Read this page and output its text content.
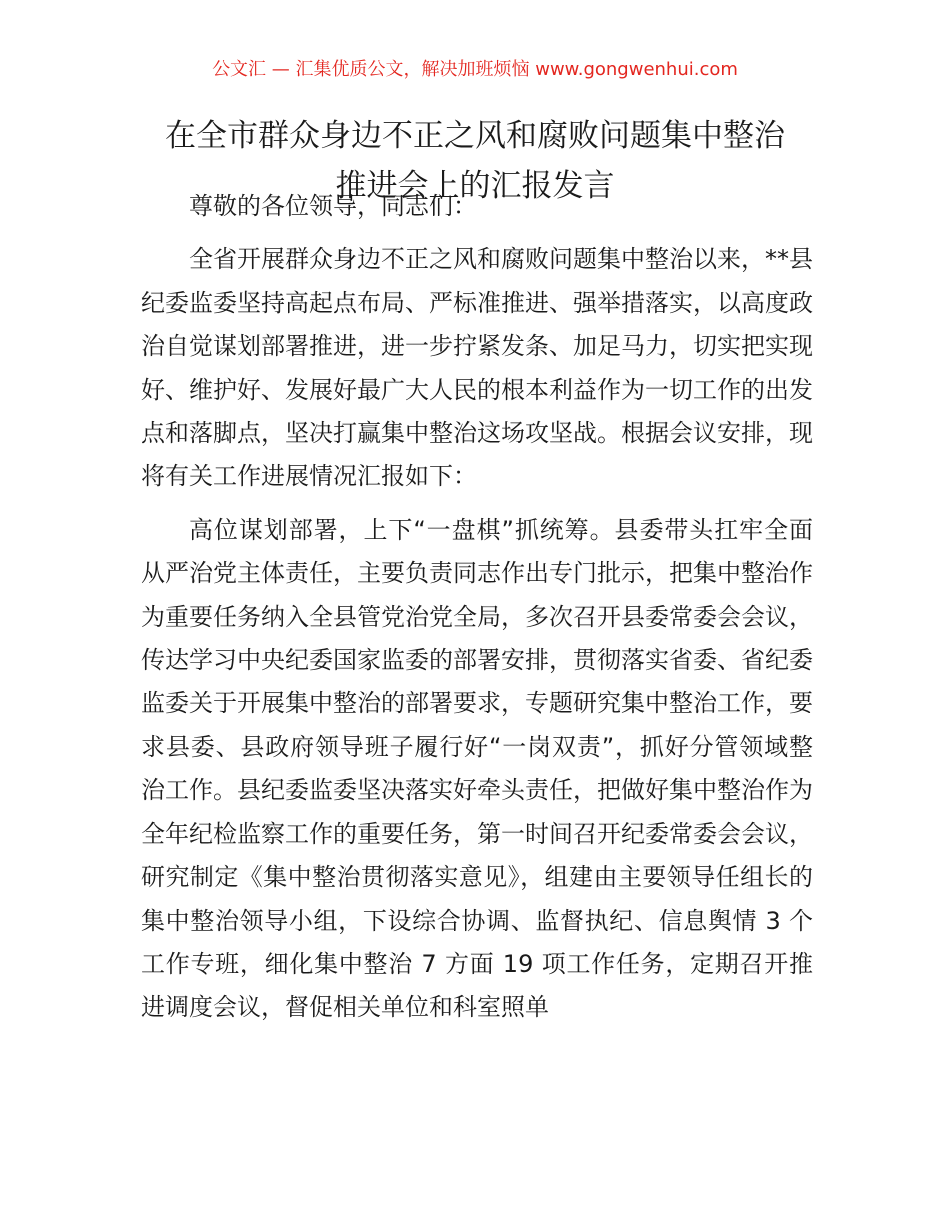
公文汇 — 汇集优质公文，解决加班烦恼 www.gongwenhui.com
在全市群众身边不正之风和腐败问题集中整治
推进会上的汇报发言

尊敬的各位领导，同志们：

全省开展群众身边不正之风和腐败问题集中整治以来，**县纪委监委坚持高起点布局、严标准推进、强举措落实，以高度政治自觉谋划部署推进，进一步拧紧发条、加足马力，切实把实现好、维护好、发展好最广大人民的根本利益作为一切工作的出发点和落脚点，坚决打赢集中整治这场攻坚战。根据会议安排，现将有关工作进展情况汇报如下：

高位谋划部署，上下“一盘棋”抓统筹。县委带头扛牢全面从严治党主体责任，主要负责同志作出专门批示，把集中整治作为重要任务纳入全县管党治党全局，多次召开县委常委会会议，传达学习中央纪委国家监委的部署安排，贯彻落实省委、省纪委监委关于开展集中整治的部署要求，专题研究集中整治工作，要求县委、县政府领导班子履行好“一岗双责”，抓好分管领域整治工作。县纪委监委坚决落实好牵头责任，把做好集中整治作为全年纪检监察工作的重要任务，第一时间召开纪委常委会会议，研究制定《集中整治贯彻落实意见》，组建由主要领导任组长的集中整治领导小组，下设综合协调、监督执纪、信息舆情 3 个工作专班，细化集中整治 7 方面 19 项工作任务，定期召开推进调度会议，督促相关单位和科室照单
